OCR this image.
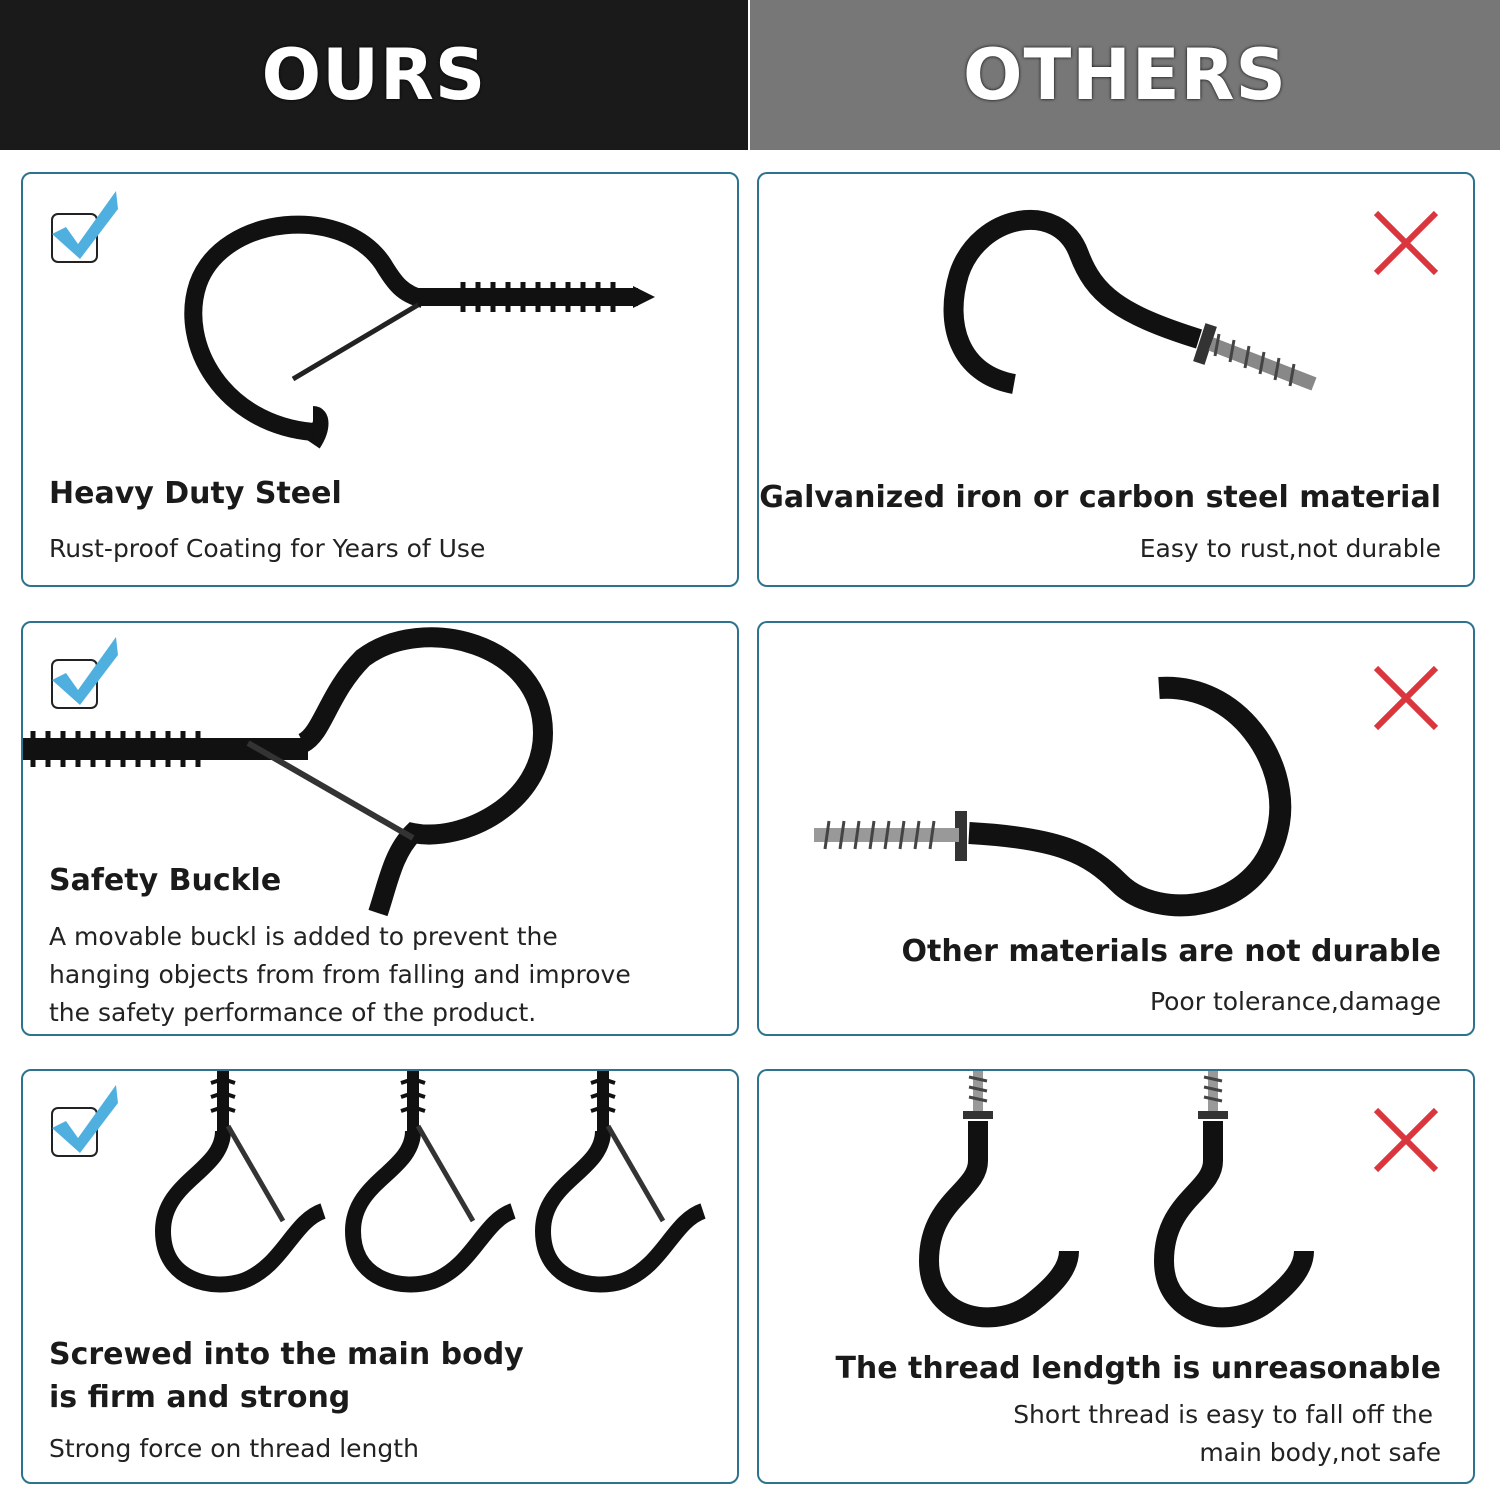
OURS	OTHERS
Heavy Duty Steel
Rust-proof Coating for Years of Use
Galvanized iron or carbon steel material
Easy to rust,not durable
Safety Buckle
A movable buckl is added to prevent the
hanging objects from from falling and improve
the safety performance of the product.
Other materials are not durable
Poor tolerance,damage
Screwed into the main body
is firm and strong
Strong force on thread length
The thread lendgth is unreasonable
Short thread is easy to fall off the
main body,not safe
